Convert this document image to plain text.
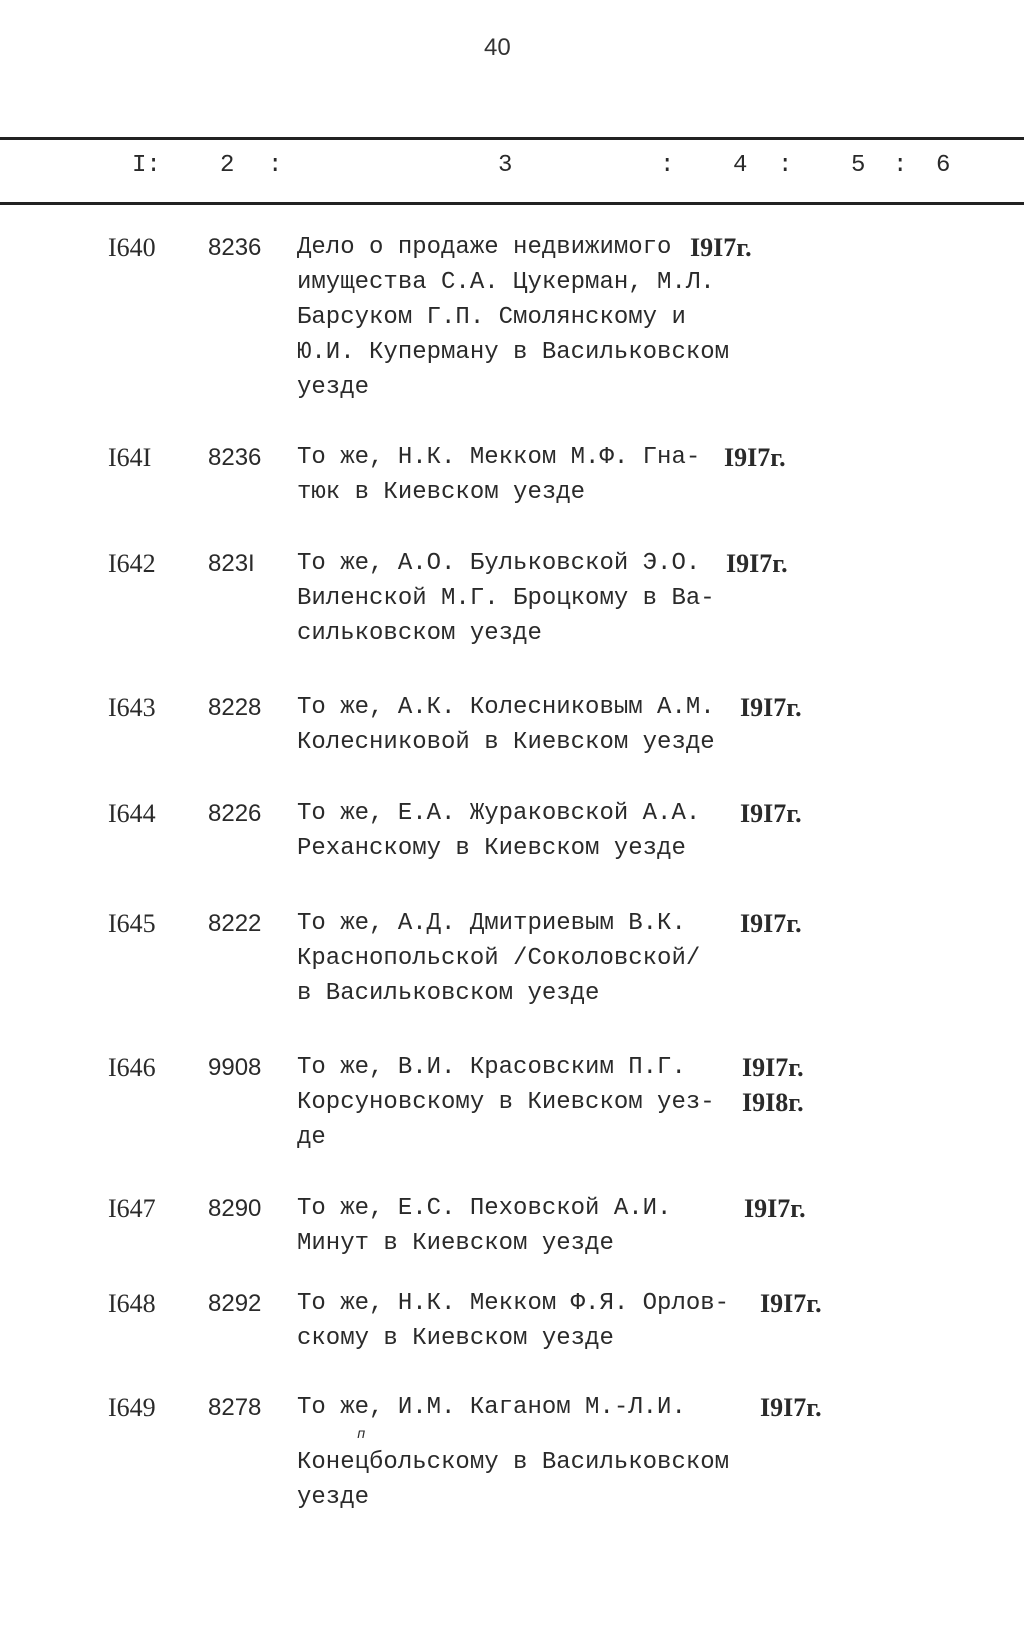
40
I: 2 :	3	: 4 : 5 : 6
I640 8236 Дело о продаже недвижимого
имущества С.А. Цукерман, М.Л.
Барсуком Г.П. Смолянскому и
Ю.И. Куперману в Васильковском
уезде
I9I7г.
I64I 8236 То же, Н.К. Мекком М.Ф. Гна-
тюк в Киевском уезде
I9I7г.
I642 823I То же, А.О. Бульковской Э.О.
Виленской М.Г. Броцкому в Ва-
сильковском уезде
I9I7г.
I643 8228 То же, А.К. Колесниковым А.М.
Колесниковой в Киевском уезде
I9I7г.
I644 8226 То же, Е.А. Жураковской А.А.
Реханскому в Киевском уезде
I9I7г.
I645 8222 То же, А.Д. Дмитриевым В.К.
Краснопольской /Соколовской/
в Васильковском уезде
I9I7г.
I646 9908 То же, В.И. Красовским П.Г.
Корсуновскому в Киевском уез-
де
I9I7г.
I9I8г.
I647 8290 То же, Е.С. Пеховской А.И.
Минут в Киевском уезде
I9I7г.
I648 8292 То же, Н.К. Мекком Ф.Я. Орлов-
скому в Киевском уезде
I9I7г.
I649 8278 То же, И.М. Каганом М.-Л.И.
Конецбольскому в Васильковском
уезде
I9I7г.
п
